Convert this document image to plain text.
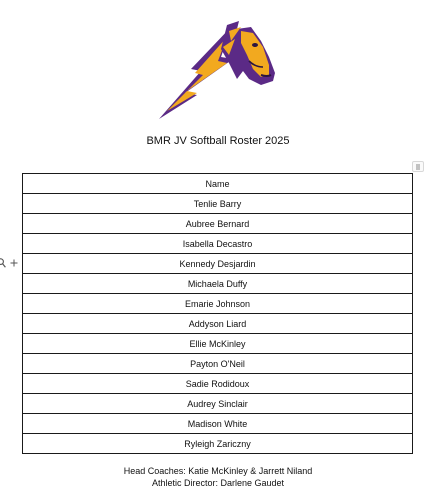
BMR JV Softball Roster 2025
Name
Tenlie Barry
Aubree Bernard
Isabella Decastro
Kennedy Desjardin
Michaela Duffy
Emarie Johnson
Addyson Liard
Ellie McKinley
Payton O'Neil
Sadie Rodidoux
Audrey Sinclair
Madison White
Ryleigh Zariczny
Head Coaches: Katie McKinley & Jarrett Niland
Athletic Director: Darlene Gaudet
